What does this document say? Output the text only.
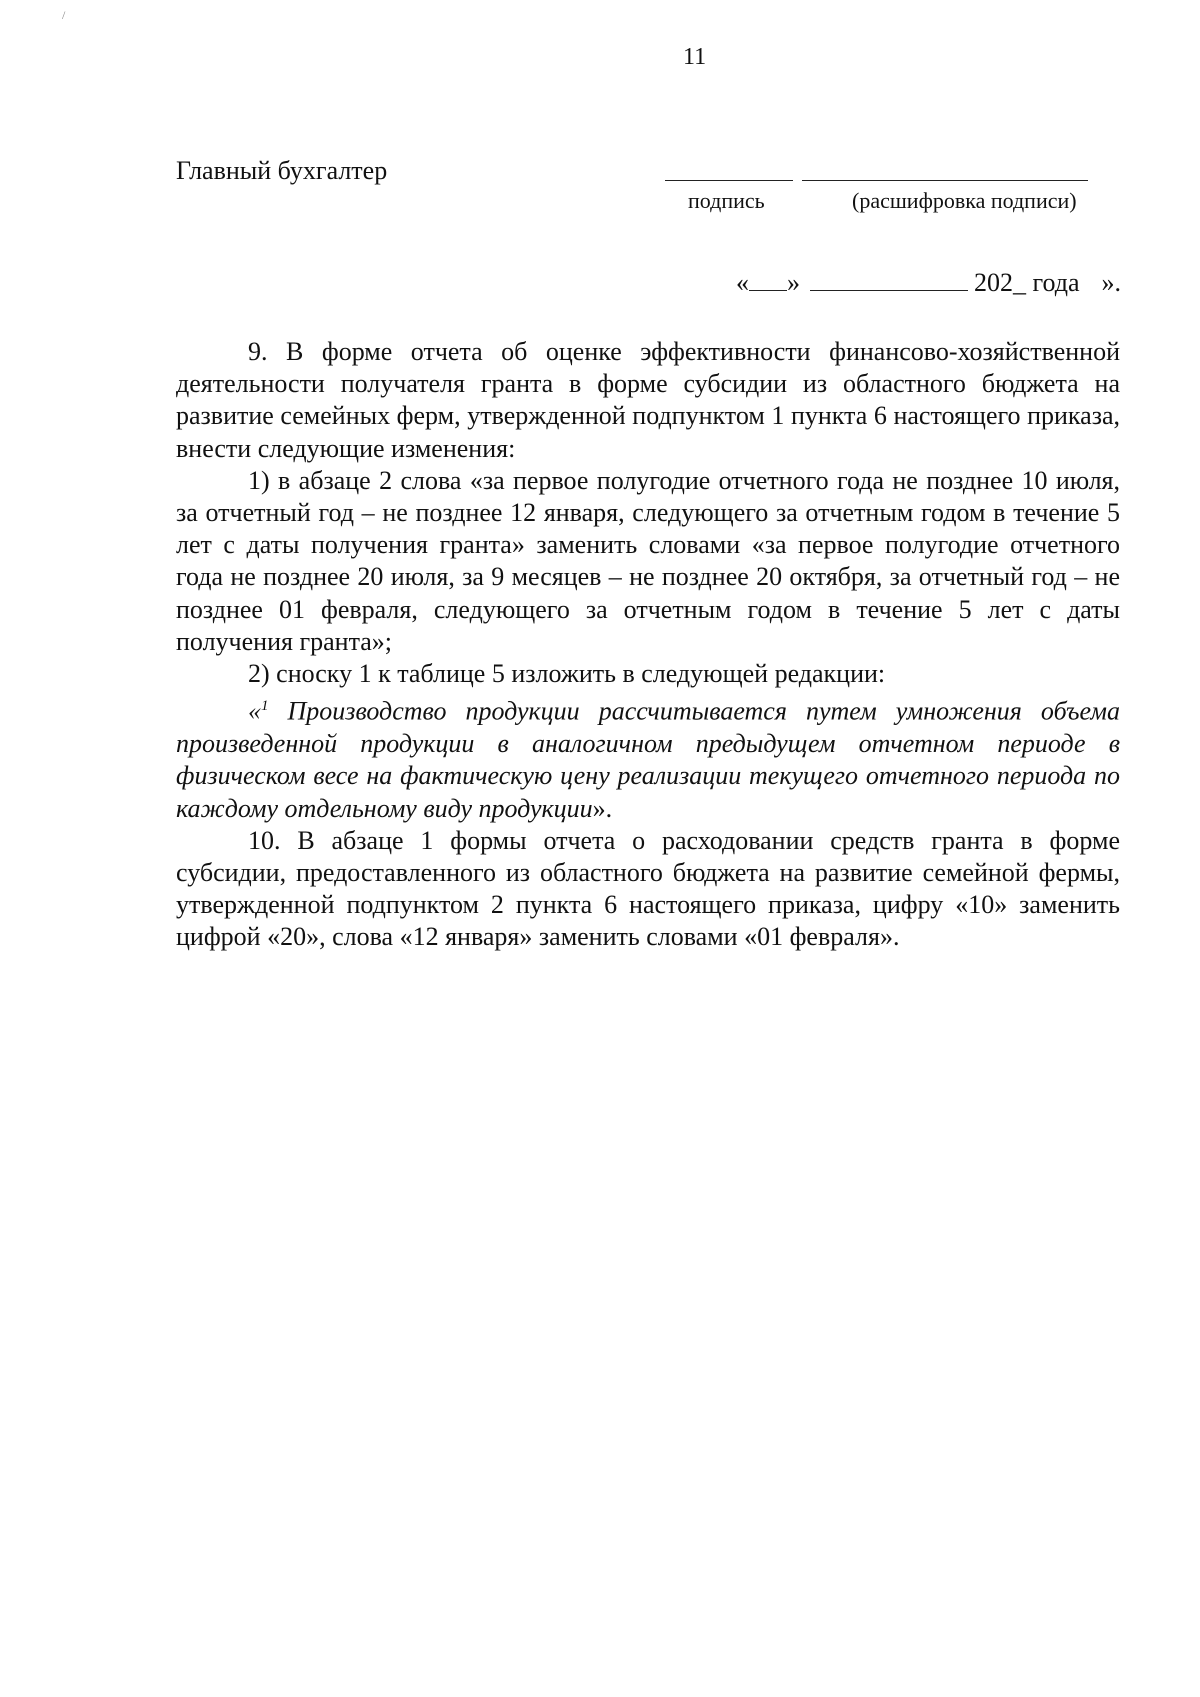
11
Главный бухгалтер
подпись	(расшифровка подписи)
« »	202_ года ».

9. В форме отчета об оценке эффективности финансово-хозяйственной деятельности получателя гранта в форме субсидии из областного бюджета на развитие семейных ферм, утвержденной подпунктом 1 пункта 6 настоящего приказа, внести следующие изменения:

1) в абзаце 2 слова «за первое полугодие отчетного года не позднее 10 июля, за отчетный год – не позднее 12 января, следующего за отчетным годом в течение 5 лет с даты получения гранта» заменить словами «за первое полугодие отчетного года не позднее 20 июля, за 9 месяцев – не позднее 20 октября, за отчетный год – не позднее 01 февраля, следующего за отчетным годом в течение 5 лет с даты получения гранта»;

2) сноску 1 к таблице 5 изложить в следующей редакции:

«$^1$ Производство продукции рассчитывается путем умножения объема произведенной продукции в аналогичном предыдущем отчетном периоде в физическом весе на фактическую цену реализации текущего отчетного периода по каждому отдельному виду продукции».

10. В абзаце 1 формы отчета о расходовании средств гранта в форме субсидии, предоставленного из областного бюджета на развитие семейной фермы, утвержденной подпунктом 2 пункта 6 настоящего приказа, цифру «10» заменить цифрой «20», слова «12 января» заменить словами «01 февраля».

/
